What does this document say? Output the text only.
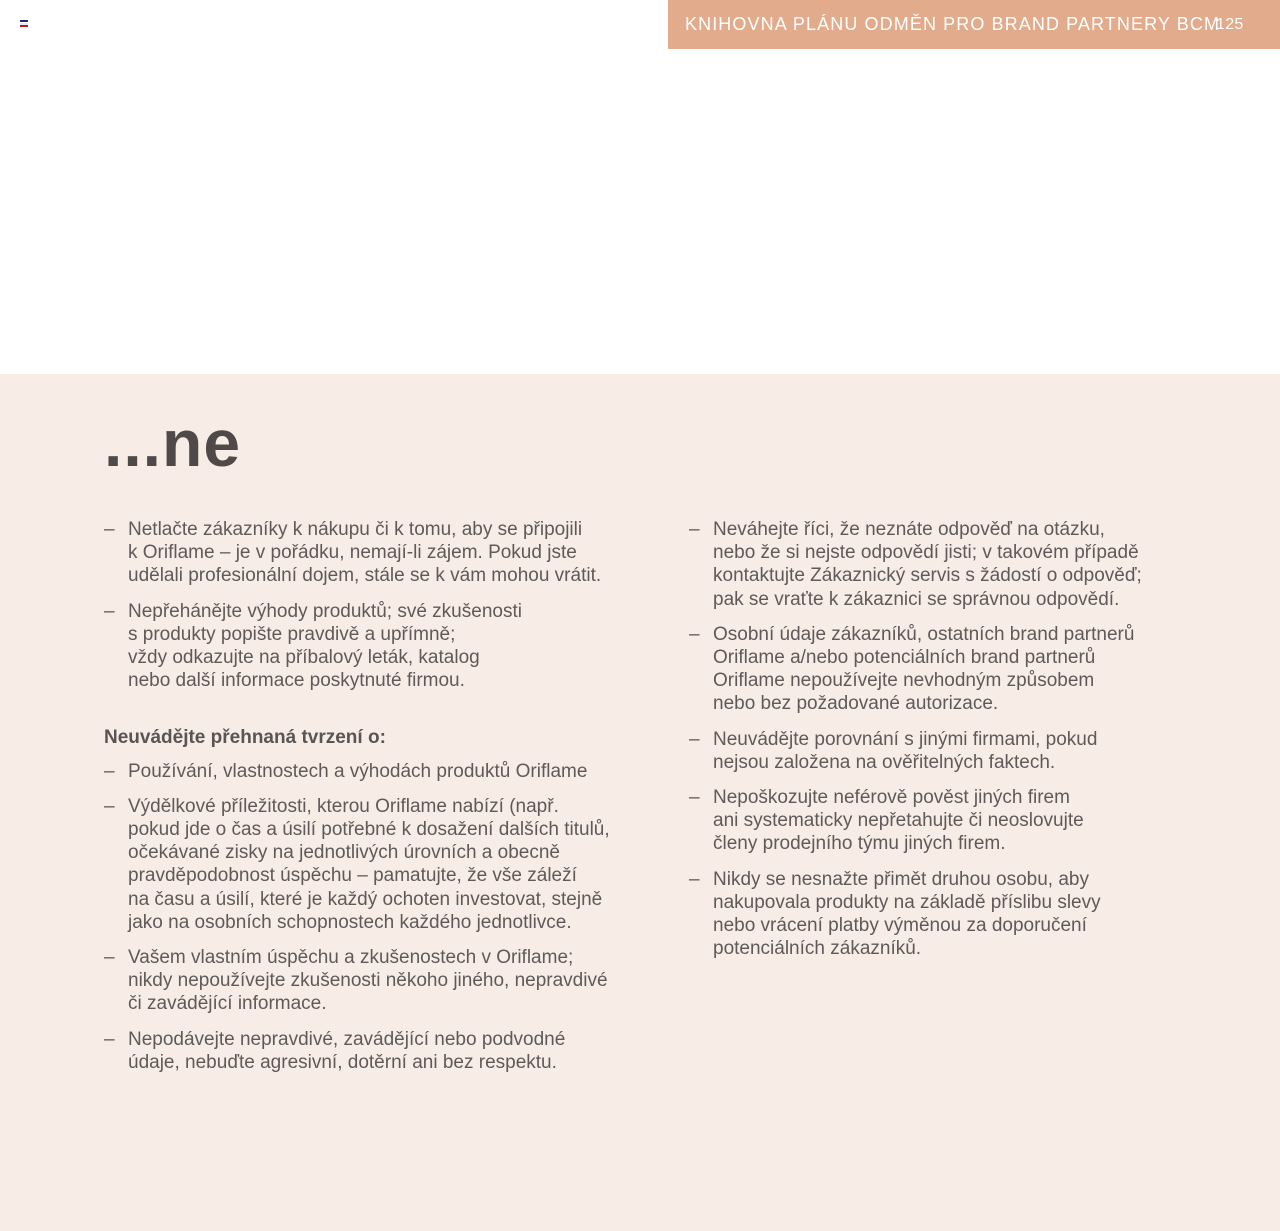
KNIHOVNA PLÁNU ODMĚN PRO BRAND PARTNERY BCM
125
...ne
– Netlačte zákazníky k nákupu či k tomu, aby se připojili
k Oriflame – je v pořádku, nemají-li zájem. Pokud jste
udělali profesionální dojem, stále se k vám mohou vrátit.
– Nepřehánějte výhody produktů; své zkušenosti
s produkty popište pravdivě a upřímně;
vždy odkazujte na příbalový leták, katalog
nebo další informace poskytnuté firmou.
Neuvádějte přehnaná tvrzení o:
– Používání, vlastnostech a výhodách produktů Oriflame
– Výdělkové příležitosti, kterou Oriflame nabízí (např.
pokud jde o čas a úsilí potřebné k dosažení dalších titulů,
očekávané zisky na jednotlivých úrovních a obecně
pravděpodobnost úspěchu – pamatujte, že vše záleží
na času a úsilí, které je každý ochoten investovat, stejně
jako na osobních schopnostech každého jednotlivce.
– Vašem vlastním úspěchu a zkušenostech v Oriflame;
nikdy nepoužívejte zkušenosti někoho jiného, nepravdivé
či zavádějící informace.
– Nepodávejte nepravdivé, zavádějící nebo podvodné
údaje, nebuďte agresivní, dotěrní ani bez respektu.
– Neváhejte říci, že neznáte odpověď na otázku,
nebo že si nejste odpovědí jisti; v takovém případě
kontaktujte Zákaznický servis s žádostí o odpověď;
pak se vraťte k zákaznici se správnou odpovědí.
– Osobní údaje zákazníků, ostatních brand partnerů
Oriflame a/nebo potenciálních brand partnerů
Oriflame nepoužívejte nevhodným způsobem
nebo bez požadované autorizace.
– Neuvádějte porovnání s jinými firmami, pokud
nejsou založena na ověřitelných faktech.
– Nepoškozujte neférově pověst jiných firem
ani systematicky nepřetahujte či neoslovujte
členy prodejního týmu jiných firem.
– Nikdy se nesnažte přimět druhou osobu, aby
nakupovala produkty na základě příslibu slevy
nebo vrácení platby výměnou za doporučení
potenciálních zákazníků.
